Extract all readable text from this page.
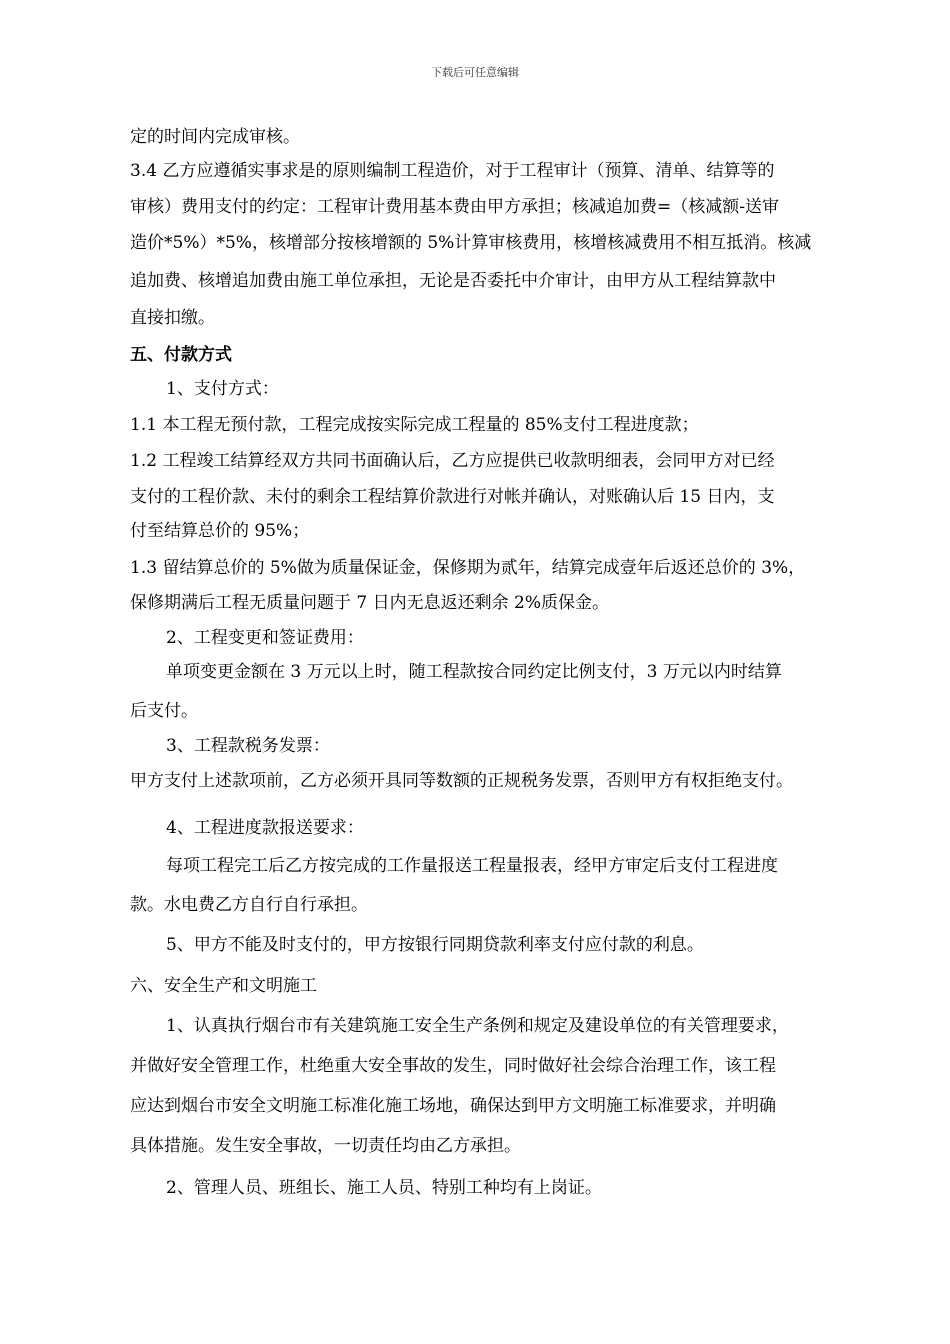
下载后可任意编辑
定的时间内完成审核。
3.4 乙方应遵循实事求是的原则编制工程造价，对于工程审计（预算、清单、结算等的
审核）费用支付的约定：工程审计费用基本费由甲方承担；核减追加费=（核减额-送审
造价*5%）*5%，核增部分按核增额的 5%计算审核费用，核增核减费用不相互抵消。核减
追加费、核增追加费由施工单位承担，无论是否委托中介审计，由甲方从工程结算款中
直接扣缴。
五、付款方式
1、支付方式：
1.1 本工程无预付款，工程完成按实际完成工程量的 85%支付工程进度款；
1.2 工程竣工结算经双方共同书面确认后，乙方应提供已收款明细表，会同甲方对已经
支付的工程价款、未付的剩余工程结算价款进行对帐并确认，对账确认后 15 日内，支
付至结算总价的 95%；
1.3 留结算总价的 5%做为质量保证金，保修期为贰年，结算完成壹年后返还总价的 3%，
保修期满后工程无质量问题于 7 日内无息返还剩余 2%质保金。
2、工程变更和签证费用：
单项变更金额在 3 万元以上时，随工程款按合同约定比例支付，3 万元以内时结算
后支付。
3、工程款税务发票：
甲方支付上述款项前，乙方必须开具同等数额的正规税务发票，否则甲方有权拒绝支付。
4、工程进度款报送要求：
每项工程完工后乙方按完成的工作量报送工程量报表，经甲方审定后支付工程进度
款。水电费乙方自行自行承担。
5、甲方不能及时支付的，甲方按银行同期贷款利率支付应付款的利息。
六、安全生产和文明施工
1、认真执行烟台市有关建筑施工安全生产条例和规定及建设单位的有关管理要求，
并做好安全管理工作，杜绝重大安全事故的发生，同时做好社会综合治理工作，该工程
应达到烟台市安全文明施工标准化施工场地，确保达到甲方文明施工标准要求，并明确
具体措施。发生安全事故，一切责任均由乙方承担。
2、管理人员、班组长、施工人员、特别工种均有上岗证。
